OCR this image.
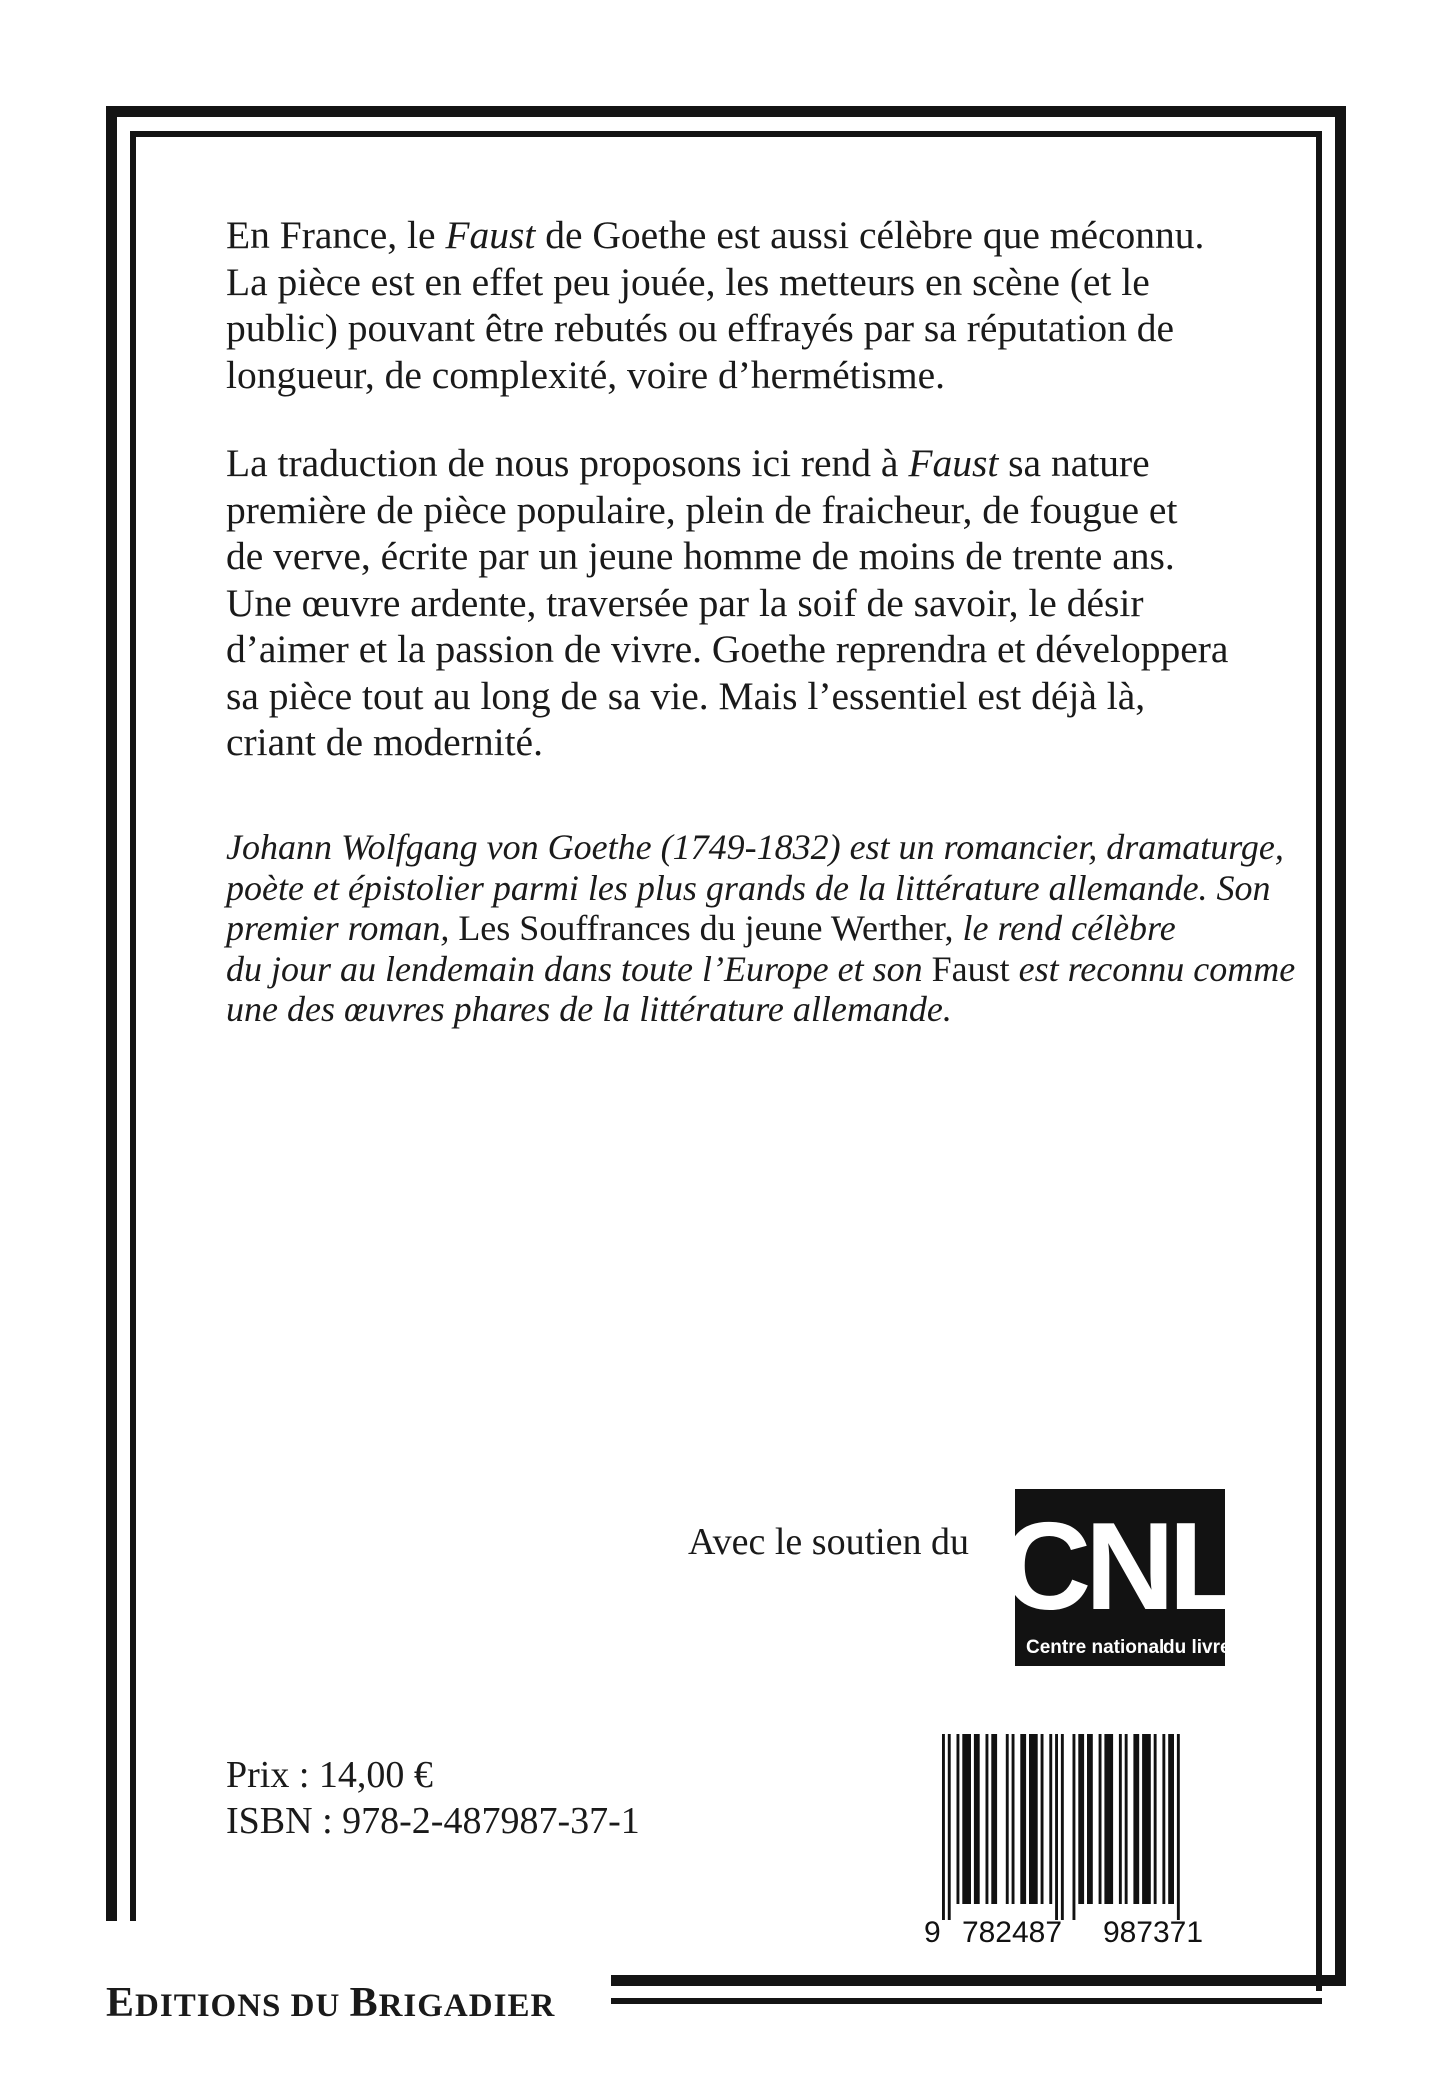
En France, le Faust de Goethe est aussi célèbre que méconnu.

La pièce est en effet peu jouée, les metteurs en scène (et le

public) pouvant être rebutés ou effrayés par sa réputation de

longueur, de complexité, voire d’hermétisme.

La traduction de nous proposons ici rend à Faust sa nature

première de pièce populaire, plein de fraicheur, de fougue et

de verve, écrite par un jeune homme de moins de trente ans.

Une œuvre ardente, traversée par la soif de savoir, le désir

d’aimer et la passion de vivre. Goethe reprendra et développera

sa pièce tout au long de sa vie. Mais l’essentiel est déjà là,

criant de modernité.

Johann Wolfgang von Goethe (1749-1832) est un romancier, dramaturge,
poète et épistolier parmi les plus grands de la littérature allemande. Son
premier roman, Les Souffrances du jeune Werther, le rend célèbre
du jour au lendemain dans toute l’Europe et son Faust est reconnu comme
une des œuvres phares de la littérature allemande.
Avec le soutien du CNL
Centre national
du livre
Prix : 14,00 €
ISBN : 978-2-487987-37-1
9 782487 987371
EDITIONS DU BRIGADIER
